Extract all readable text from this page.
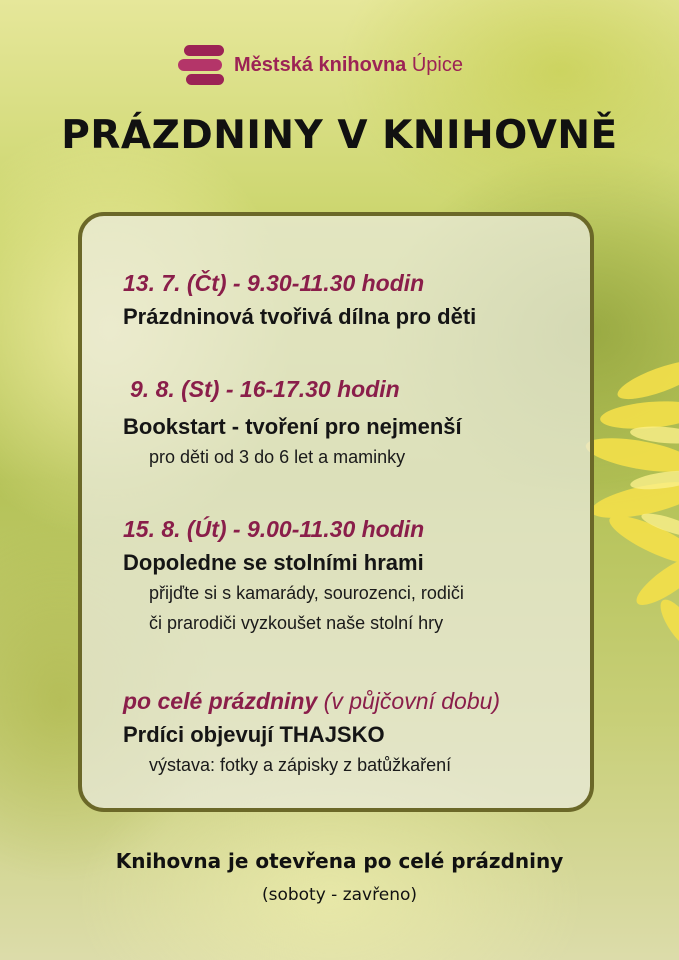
Městská knihovna Úpice
PRÁZDNINY V KNIHOVNĚ
13. 7. (Čt) - 9.30-11.30 hodin
Prázdninová tvořivá dílna pro děti
9. 8. (St) - 16-17.30 hodin
Bookstart - tvoření pro nejmenší
pro děti od 3 do 6 let a maminky
15. 8. (Út) - 9.00-11.30 hodin
Dopoledne se stolními hrami
přijďte si s kamarády, sourozenci, rodiči
či prarodiči vyzkoušet naše stolní hry
po celé prázdniny (v půjčovní dobu)
Prdíci objevují THAJSKO
výstava: fotky a zápisky z batůžkaření
Knihovna je otevřena po celé prázdniny
(soboty - zavřeno)
